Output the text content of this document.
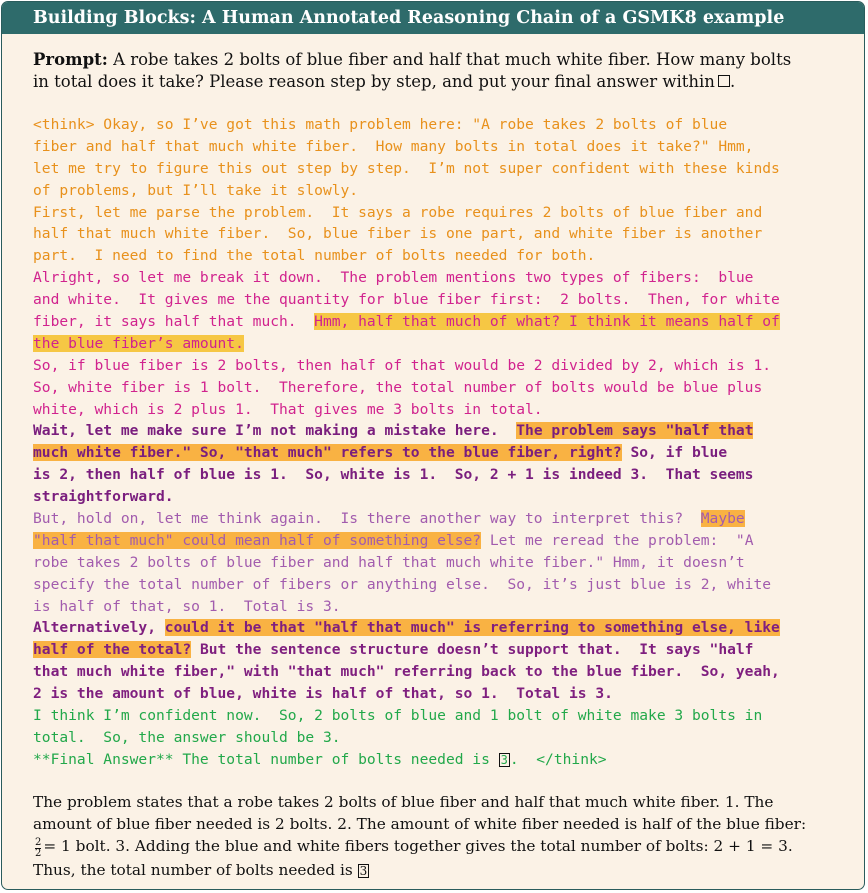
Building Blocks: A Human Annotated Reasoning Chain of a GSMK8 example
Prompt: A robe takes 2 bolts of blue fiber and half that much white fiber. How many bolts
in total does it take? Please reason step by step, and put your final answer within .
<think> Okay, so I’ve got this math problem here: "A robe takes 2 bolts of blue
fiber and half that much white fiber.  How many bolts in total does it take?" Hmm,
let me try to figure this out step by step.  I’m not super confident with these kinds
of problems, but I’ll take it slowly.
First, let me parse the problem.  It says a robe requires 2 bolts of blue fiber and
half that much white fiber.  So, blue fiber is one part, and white fiber is another
part.  I need to find the total number of bolts needed for both.
Alright, so let me break it down.  The problem mentions two types of fibers:  blue
and white.  It gives me the quantity for blue fiber first:  2 bolts.  Then, for white
fiber, it says half that much.  Hmm, half that much of what? I think it means half of
the blue fiber’s amount.
So, if blue fiber is 2 bolts, then half of that would be 2 divided by 2, which is 1.
So, white fiber is 1 bolt.  Therefore, the total number of bolts would be blue plus
white, which is 2 plus 1.  That gives me 3 bolts in total.
Wait, let me make sure I’m not making a mistake here.  The problem says "half that
much white fiber." So, "that much" refers to the blue fiber, right? So, if blue
is 2, then half of blue is 1.  So, white is 1.  So, 2 + 1 is indeed 3.  That seems
straightforward.
But, hold on, let me think again.  Is there another way to interpret this?  Maybe
"half that much" could mean half of something else? Let me reread the problem:  "A
robe takes 2 bolts of blue fiber and half that much white fiber." Hmm, it doesn’t
specify the total number of fibers or anything else.  So, it’s just blue is 2, white
is half of that, so 1.  Total is 3.
Alternatively, could it be that "half that much" is referring to something else, like
half of the total? But the sentence structure doesn’t support that.  It says "half
that much white fiber," with "that much" referring back to the blue fiber.  So, yeah,
2 is the amount of blue, white is half of that, so 1.  Total is 3.
I think I’m confident now.  So, 2 bolts of blue and 1 bolt of white make 3 bolts in
total.  So, the answer should be 3.
**Final Answer** The total number of bolts needed is 3 .  </think>
The problem states that a robe takes 2 bolts of blue fiber and half that much white fiber. 1. The
amount of blue fiber needed is 2 bolts. 2. The amount of white fiber needed is half of the blue fiber:
$\frac{2}{2} = 1$ bolt. 3. Adding the blue and white fibers together gives the total number of bolts: 2 + 1 = 3.
Thus, the total number of bolts needed is 3
